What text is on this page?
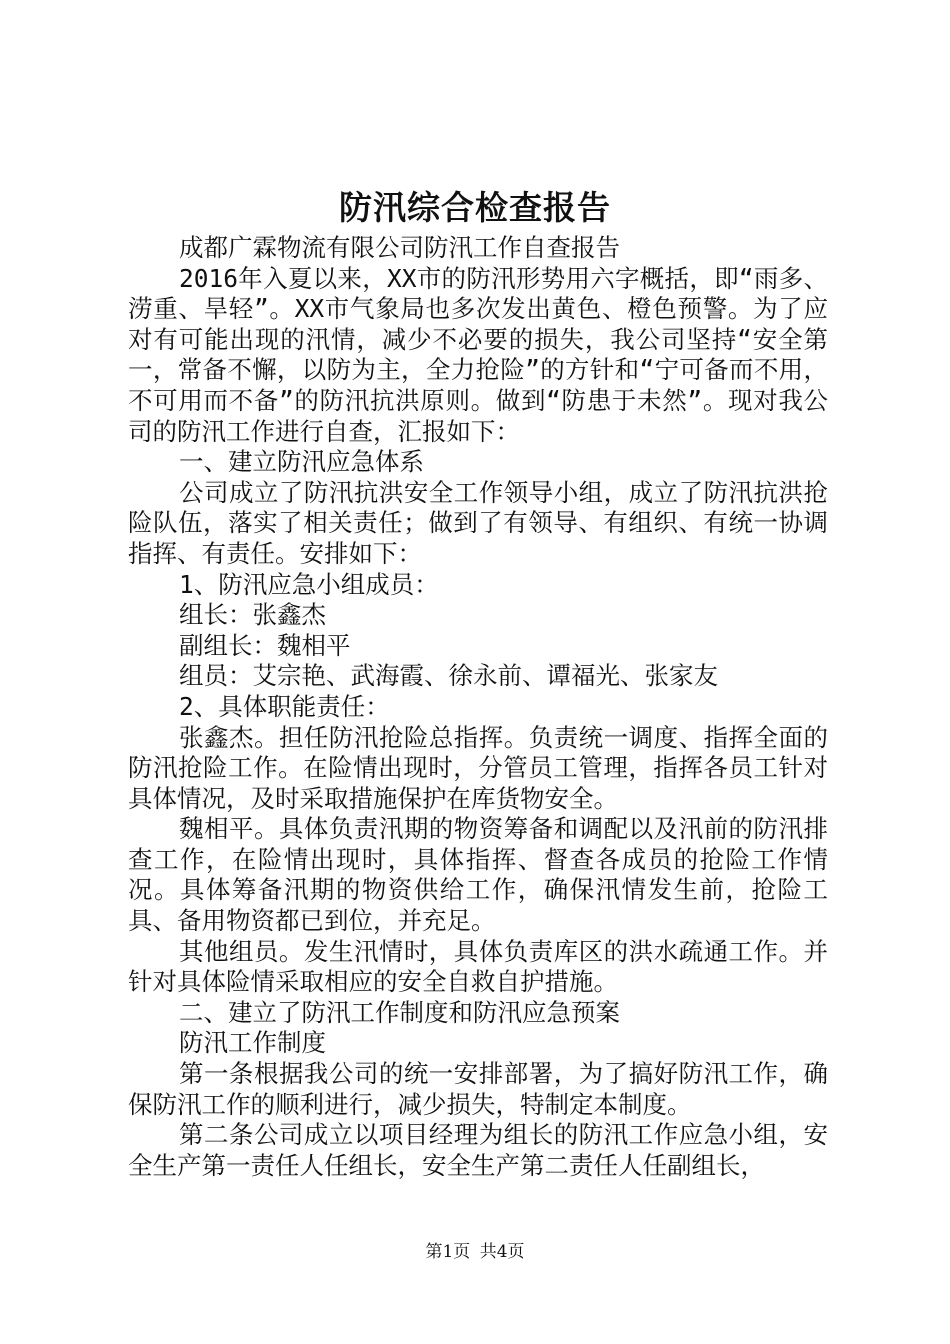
防汛综合检查报告

成都广霖物流有限公司防汛工作自查报告

2016年入夏以来，XX市的防汛形势用六字概括，即“雨多、涝重、旱轻”。XX市气象局也多次发出黄色、橙色预警。为了应对有可能出现的汛情，减少不必要的损失，我公司坚持“安全第一，常备不懈，以防为主，全力抢险”的方针和“宁可备而不用，不可用而不备”的防汛抗洪原则。做到“防患于未然”。现对我公司的防汛工作进行自查，汇报如下：

一、建立防汛应急体系

公司成立了防汛抗洪安全工作领导小组，成立了防汛抗洪抢险队伍，落实了相关责任；做到了有领导、有组织、有统一协调指挥、有责任。安排如下：

1、防汛应急小组成员：

组长：张鑫杰

副组长：魏相平

组员：艾宗艳、武海霞、徐永前、谭福光、张家友

2、具体职能责任：

张鑫杰。担任防汛抢险总指挥。负责统一调度、指挥全面的防汛抢险工作。在险情出现时，分管员工管理，指挥各员工针对具体情况，及时采取措施保护在库货物安全。

魏相平。具体负责汛期的物资筹备和调配以及汛前的防汛排查工作，在险情出现时，具体指挥、督查各成员的抢险工作情况。具体筹备汛期的物资供给工作，确保汛情发生前，抢险工具、备用物资都已到位，并充足。

其他组员。发生汛情时，具体负责库区的洪水疏通工作。并针对具体险情采取相应的安全自救自护措施。

二、建立了防汛工作制度和防汛应急预案

防汛工作制度

第一条根据我公司的统一安排部署，为了搞好防汛工作，确保防汛工作的顺利进行，减少损失，特制定本制度。

第二条公司成立以项目经理为组长的防汛工作应急小组，安全生产第一责任人任组长，安全生产第二责任人任副组长，

第1页 共4页
